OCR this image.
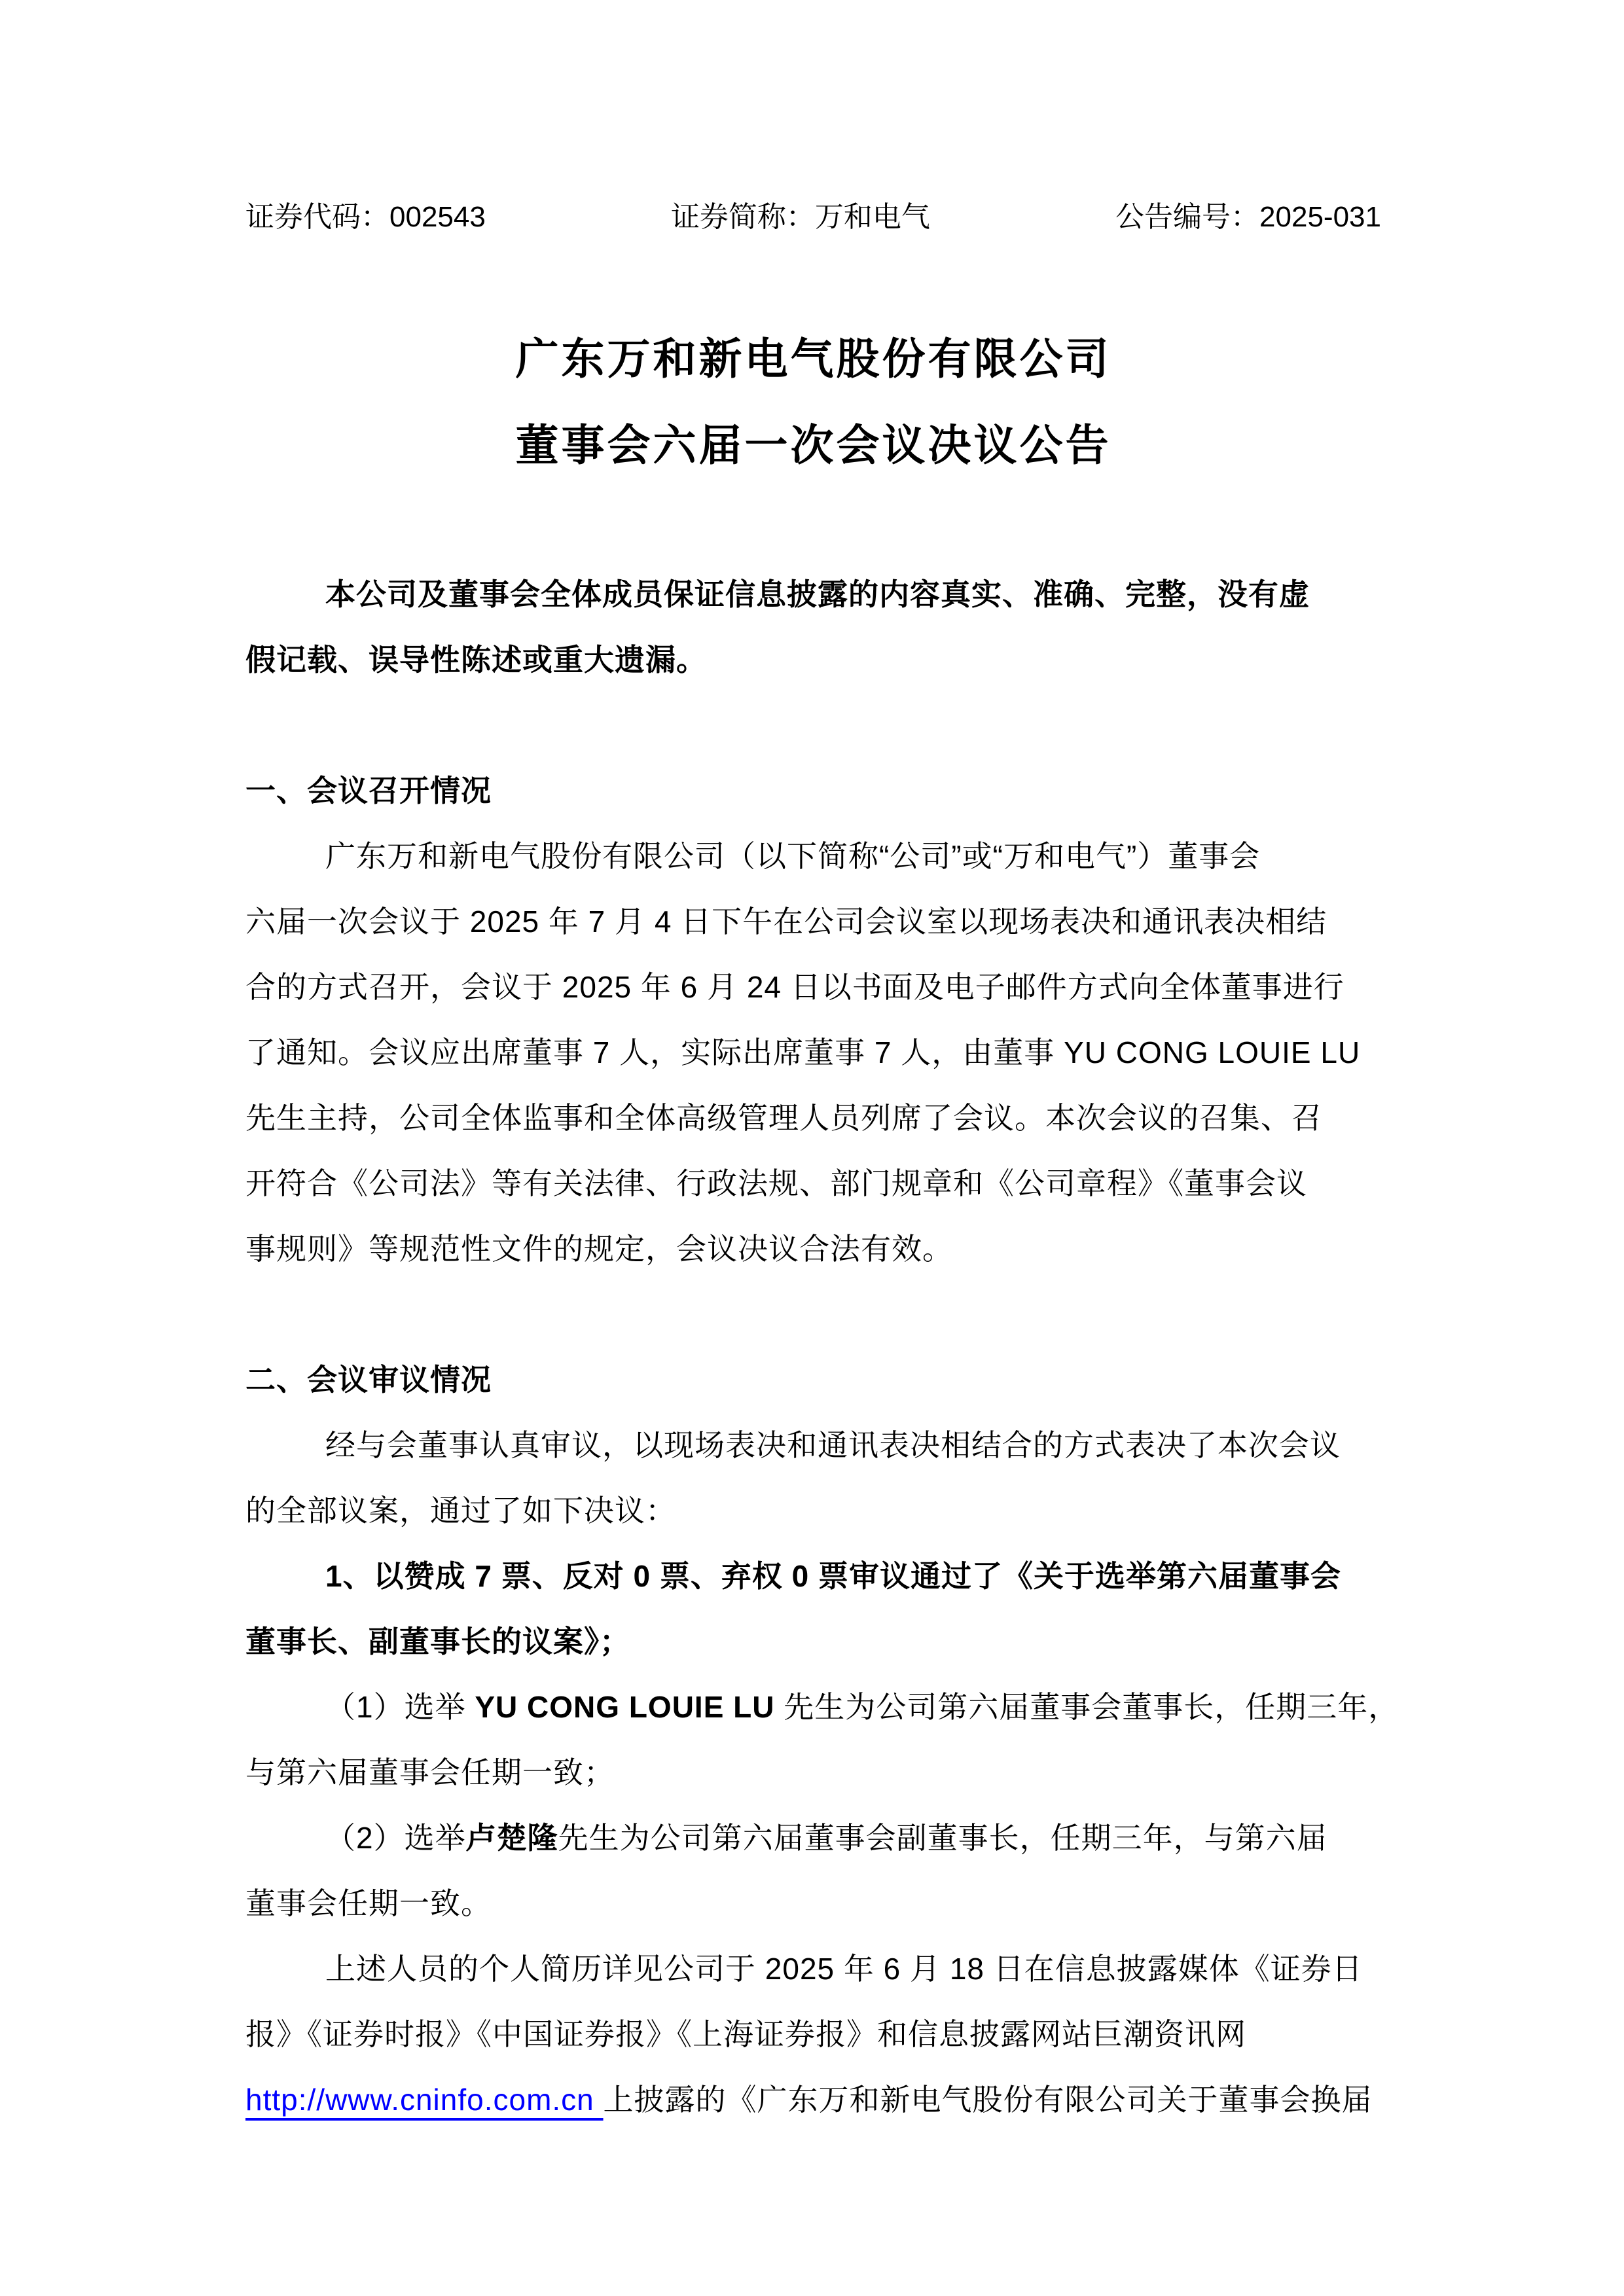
证券代码：002543	证券简称：万和电气	公告编号：2025-031
广东万和新电气股份有限公司
董事会六届一次会议决议公告
本公司及董事会全体成员保证信息披露的内容真实、准确、完整，没有虚
假记载、误导性陈述或重大遗漏。
一、会议召开情况
广东万和新电气股份有限公司（以下简称“公司”或“万和电气”）董事会
六届一次会议于 2025 年 7 月 4 日下午在公司会议室以现场表决和通讯表决相结
合的方式召开，会议于 2025 年 6 月 24 日以书面及电子邮件方式向全体董事进行
了通知。会议应出席董事 7 人，实际出席董事 7 人，由董事 YU CONG LOUIE LU
先生主持，公司全体监事和全体高级管理人员列席了会议。本次会议的召集、召
开符合《公司法》等有关法律、行政法规、部门规章和《公司章程》《董事会议
事规则》等规范性文件的规定，会议决议合法有效。
二、会议审议情况
经与会董事认真审议，以现场表决和通讯表决相结合的方式表决了本次会议
的全部议案，通过了如下决议：
1、以赞成 7 票、反对 0 票、弃权 0 票审议通过了《关于选举第六届董事会
董事长、副董事长的议案》；
（1）选举 YU CONG LOUIE LU 先生为公司第六届董事会董事长，任期三年，
与第六届董事会任期一致；
（2）选举卢楚隆先生为公司第六届董事会副董事长，任期三年，与第六届
董事会任期一致。
上述人员的个人简历详见公司于 2025 年 6 月 18 日在信息披露媒体《证券日
报》《证券时报》《中国证券报》《上海证券报》和信息披露网站巨潮资讯网
http://www.cninfo.com.cn 上披露的《广东万和新电气股份有限公司关于董事会换届
